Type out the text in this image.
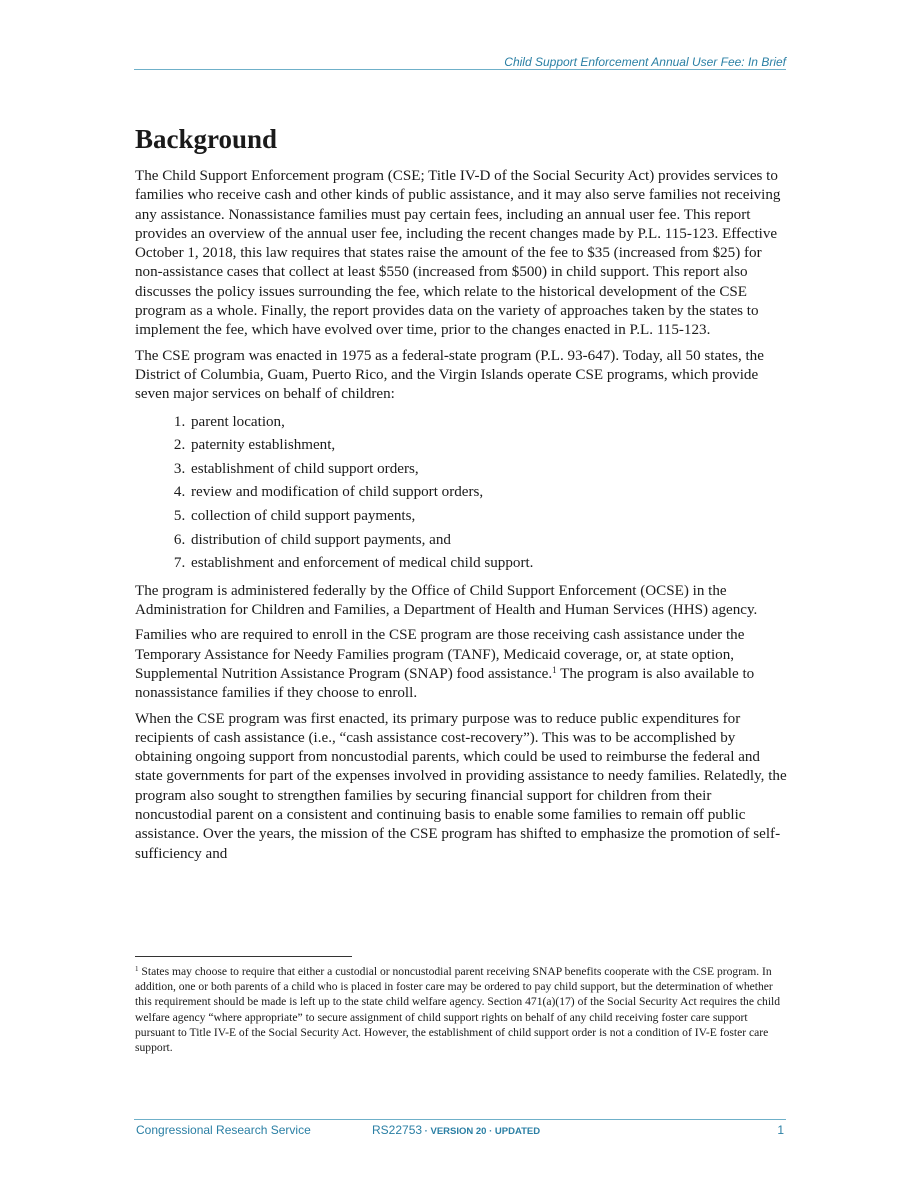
Child Support Enforcement Annual User Fee: In Brief
Background

The Child Support Enforcement program (CSE; Title IV-D of the Social Security Act) provides services to families who receive cash and other kinds of public assistance, and it may also serve families not receiving any assistance. Nonassistance families must pay certain fees, including an annual user fee. This report provides an overview of the annual user fee, including the recent changes made by P.L. 115-123. Effective October 1, 2018, this law requires that states raise the amount of the fee to $35 (increased from $25) for non-assistance cases that collect at least $550 (increased from $500) in child support. This report also discusses the policy issues surrounding the fee, which relate to the historical development of the CSE program as a whole. Finally, the report provides data on the variety of approaches taken by the states to implement the fee, which have evolved over time, prior to the changes enacted in P.L. 115-123.

The CSE program was enacted in 1975 as a federal-state program (P.L. 93-647). Today, all 50 states, the District of Columbia, Guam, Puerto Rico, and the Virgin Islands operate CSE programs, which provide seven major services on behalf of children:

1. parent location,
2. paternity establishment,
3. establishment of child support orders,
4. review and modification of child support orders,
5. collection of child support payments,
6. distribution of child support payments, and
7. establishment and enforcement of medical child support.

The program is administered federally by the Office of Child Support Enforcement (OCSE) in the Administration for Children and Families, a Department of Health and Human Services (HHS) agency.

Families who are required to enroll in the CSE program are those receiving cash assistance under the Temporary Assistance for Needy Families program (TANF), Medicaid coverage, or, at state option, Supplemental Nutrition Assistance Program (SNAP) food assistance.$^1$ The program is also available to nonassistance families if they choose to enroll.

When the CSE program was first enacted, its primary purpose was to reduce public expenditures for recipients of cash assistance (i.e., “cash assistance cost-recovery”). This was to be accomplished by obtaining ongoing support from noncustodial parents, which could be used to reimburse the federal and state governments for part of the expenses involved in providing assistance to needy families. Relatedly, the program also sought to strengthen families by securing financial support for children from their noncustodial parent on a consistent and continuing basis to enable some families to remain off public assistance. Over the years, the mission of the CSE program has shifted to emphasize the promotion of self-sufficiency and

$^1$ States may choose to require that either a custodial or noncustodial parent receiving SNAP benefits cooperate with the CSE program. In addition, one or both parents of a child who is placed in foster care may be ordered to pay child support, but the determination of whether this requirement should be made is left up to the state child welfare agency. Section 471(a)(17) of the Social Security Act requires the child welfare agency “where appropriate” to secure assignment of child support rights on behalf of any child receiving foster care support pursuant to Title IV-E of the Social Security Act. However, the establishment of child support order is not a condition of IV-E foster care support.
Congressional Research Service	RS22753 · VERSION 20 · UPDATED	1
